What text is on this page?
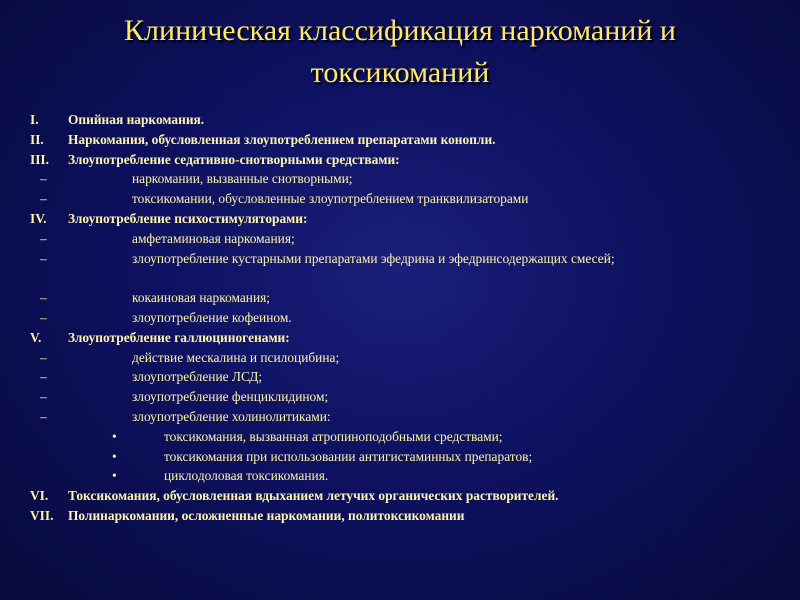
Клиническая классификация наркоманий и
токсикоманий
I. Опийная наркомания.
II. Наркомания, обусловленная злоупотреблением препаратами конопли.
III. Злоупотребление седативно-снотворными средствами:
–	наркомании, вызванные снотворными;
–	токсикомании, обусловленные злоупотреблением транквилизаторами
IV. Злоупотребление психостимуляторами:
–	амфетаминовая наркомания;
–	злоупотребление кустарными препаратами эфедрина и эфедринсодержащих смесей;
–	кокаиновая наркомания;
–	злоупотребление кофеином.
V. Злоупотребление галлюциногенами:
–	действие мескалина и псилоцибина;
–	злоупотребление ЛСД;
–	злоупотребление фенциклидином;
–	злоупотребление холинолитиками:
•	токсикомания, вызванная атропиноподобными средствами;
•	токсикомания при использовании антигистаминных препаратов;
•	циклодоловая токсикомания.
VI. Токсикомания, обусловленная вдыханием летучих органических растворителей.
VII. Полинаркомании, осложненные наркомании, политоксикомании
